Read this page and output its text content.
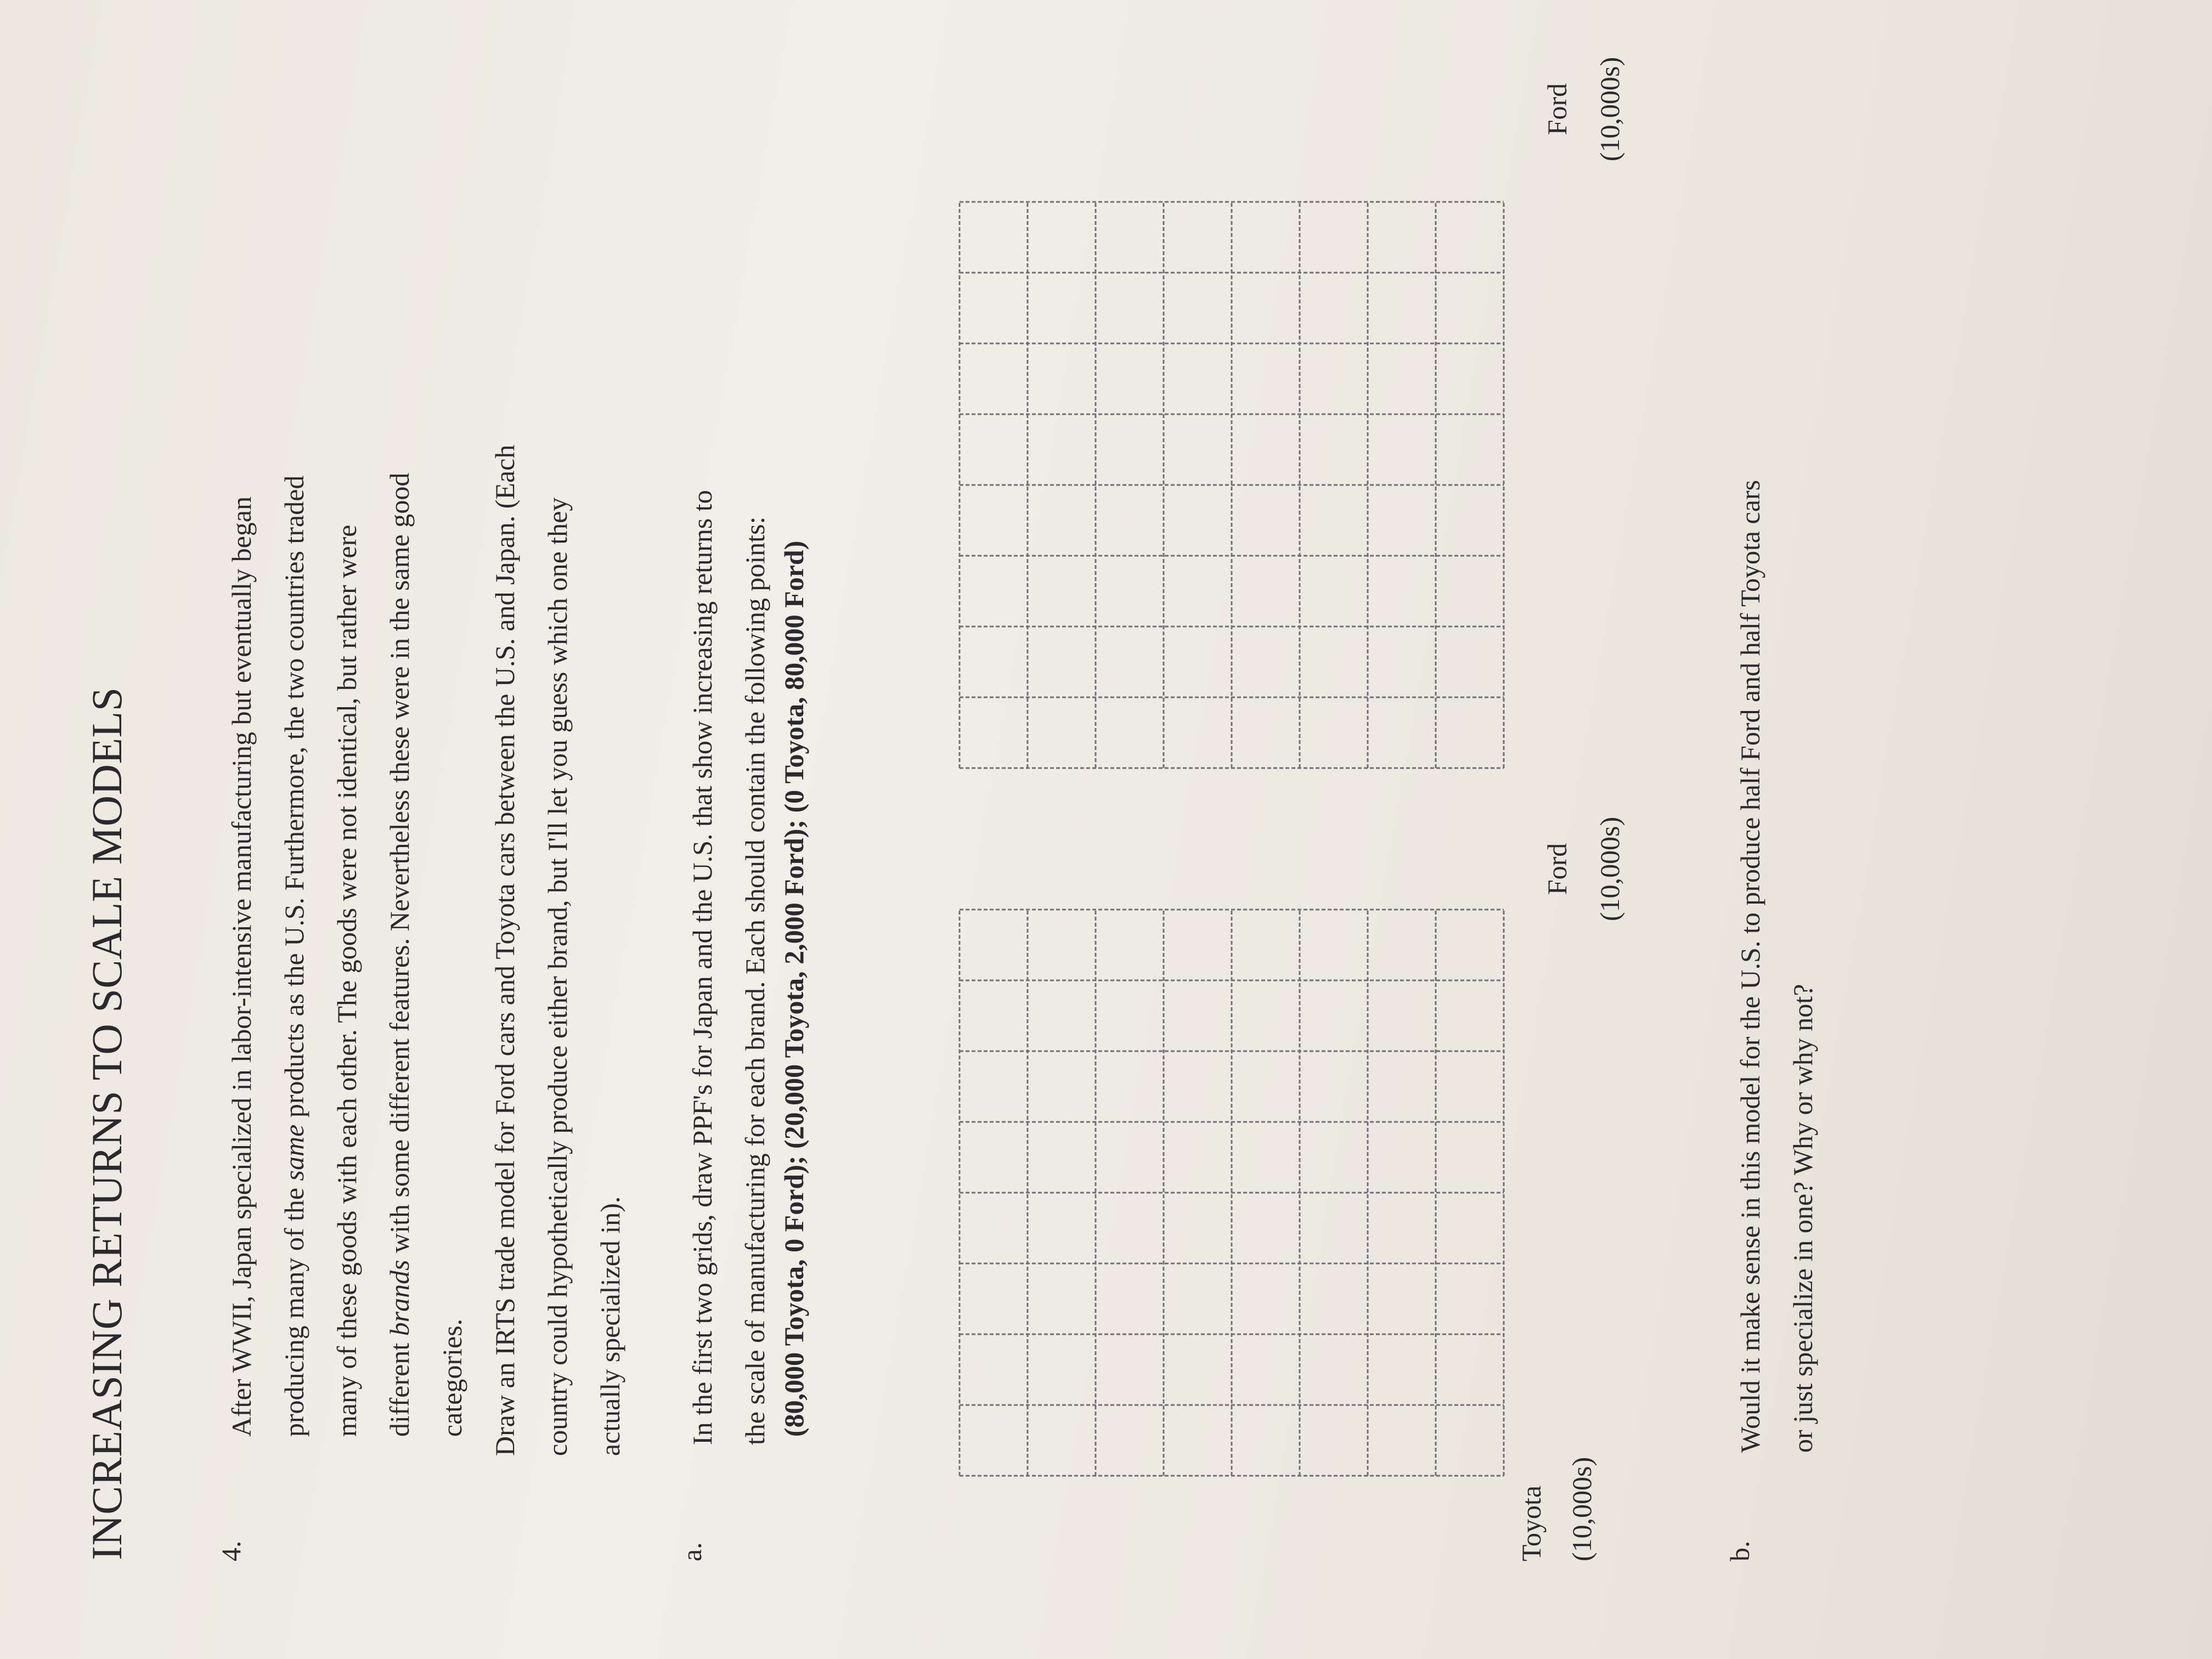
INCREASING RETURNS TO SCALE MODELS	4.
After WWII, Japan specialized in labor-intensive manufacturing but eventually began producing many of the same products as the U.S. Furthermore, the two countries traded many of these goods with each other. The goods were not identical, but rather were different brands with some different features. Nevertheless these were in the same good
categories. Draw an IRTS trade model for Ford cars and Toyota cars between the U.S. and Japan. (Each country could hypothetically produce either brand, but I'll let you guess which one they actually specialized in).
a.
In the first two grids, draw PPF's for Japan and the U.S. that show increasing returns to the scale of manufacturing for each brand. Each should contain the following points: (80,000 Toyota, 0 Ford); (20,000 Toyota, 2,000 Ford); (0 Toyota, 80,000 Ford)
Toyota (10,000s)
Ford (10,000s)
Ford (10,000s)
b.
Would it make sense in this model for the U.S. to produce half Ford and half Toyota cars or just specialize in one? Why or why not?
